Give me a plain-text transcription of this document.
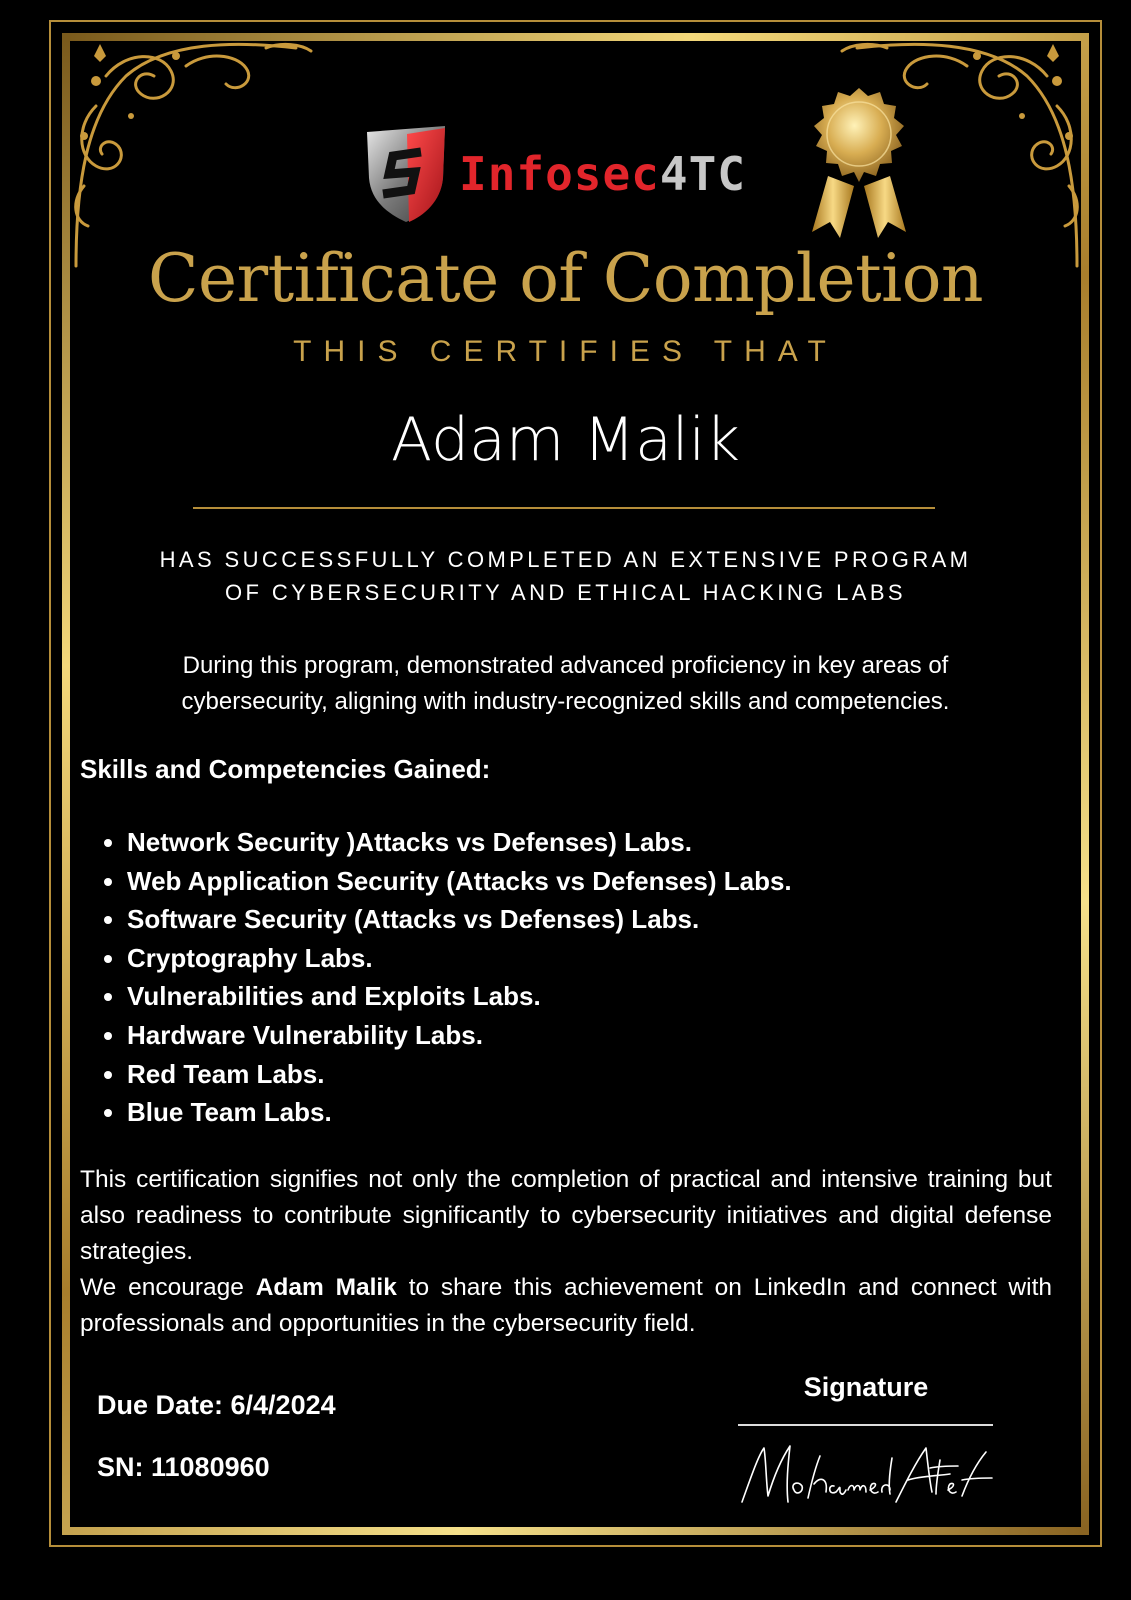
Infosec4TC
Certificate of Completion
THIS CERTIFIES THAT
Adam Malik
HAS SUCCESSFULLY COMPLETED AN EXTENSIVE PROGRAM
OF CYBERSECURITY AND ETHICAL HACKING LABS
During this program, demonstrated advanced proficiency in key areas of
cybersecurity, aligning with industry-recognized skills and competencies.
Skills and Competencies Gained:
• Network Security )Attacks vs Defenses) Labs.
• Web Application Security (Attacks vs Defenses) Labs.
• Software Security (Attacks vs Defenses) Labs.
• Cryptography Labs.
• Vulnerabilities and Exploits Labs.
• Hardware Vulnerability Labs.
• Red Team Labs.
• Blue Team Labs.

This certification signifies not only the completion of practical and intensive training but also readiness to contribute significantly to cybersecurity initiatives and digital defense strategies.

We encourage Adam Malik to share this achievement on LinkedIn and connect with professionals and opportunities in the cybersecurity field.

Due Date: 6/4/2024
SN: 11080960
Signature
